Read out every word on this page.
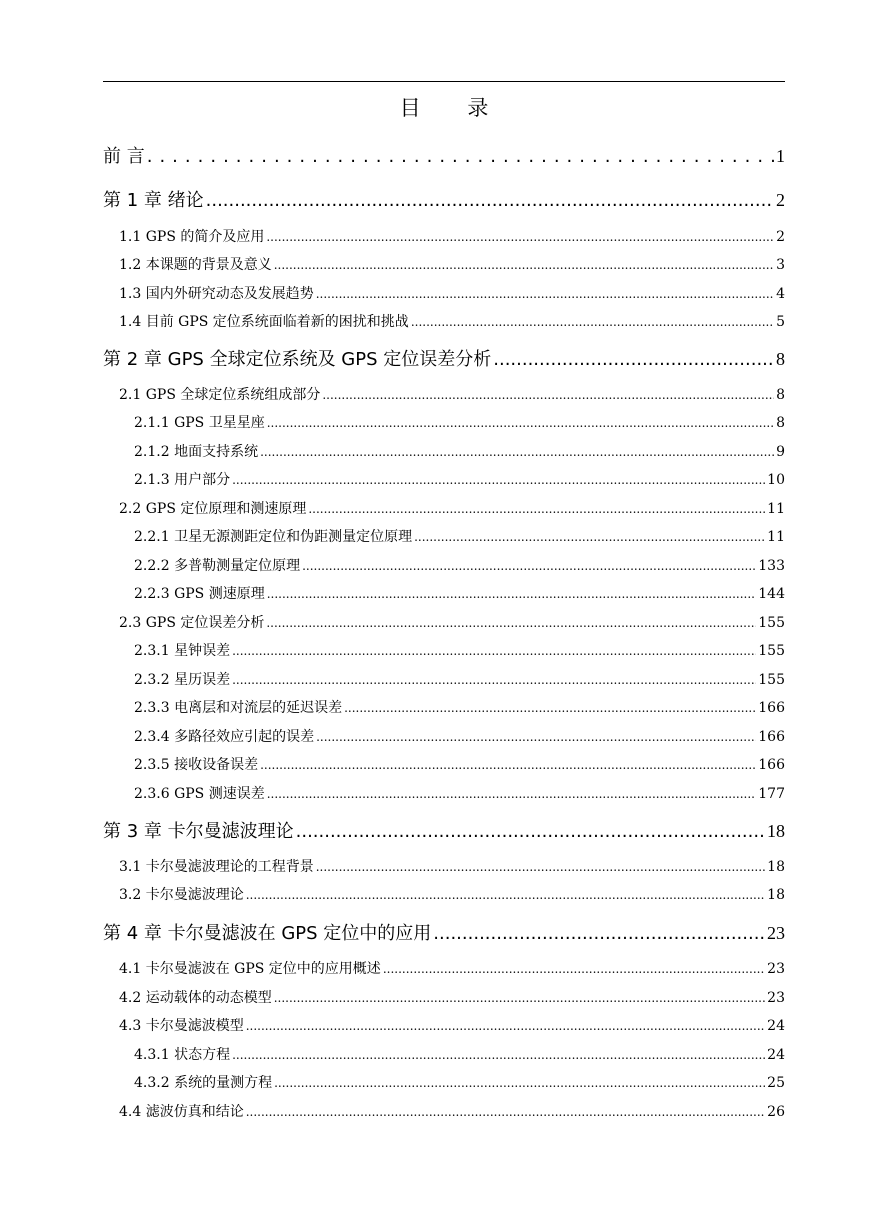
目 录
前 言 .....	1
第 1 章 绪论 .....	2
1.1 GPS 的简介及应用 .....	2
1.2 本课题的背景及意义 .....	3
1.3 国内外研究动态及发展趋势 .....	4
1.4 目前 GPS 定位系统面临着新的困扰和挑战 .....	5
第 2 章 GPS 全球定位系统及 GPS 定位误差分析 .....	8
2.1 GPS 全球定位系统组成部分 .....	8
2.1.1 GPS 卫星星座 .....	8
2.1.2 地面支持系统 .....	9
2.1.3 用户部分 .....	10
2.2 GPS 定位原理和测速原理 .....	11
2.2.1 卫星无源测距定位和伪距测量定位原理 .....	11
2.2.2 多普勒测量定位原理 .....	133
2.2.3 GPS 测速原理 .....	144
2.3 GPS 定位误差分析 .....	155
2.3.1 星钟误差 .....	155
2.3.2 星历误差 .....	155
2.3.3 电离层和对流层的延迟误差 .....	166
2.3.4 多路径效应引起的误差 .....	166
2.3.5 接收设备误差 .....	166
2.3.6 GPS 测速误差 .....	177
第 3 章 卡尔曼滤波理论 .....	18
3.1 卡尔曼滤波理论的工程背景 .....	18
3.2 卡尔曼滤波理论 .....	18
第 4 章 卡尔曼滤波在 GPS 定位中的应用 .....	23
4.1 卡尔曼滤波在 GPS 定位中的应用概述 .....	23
4.2 运动载体的动态模型 .....	23
4.3 卡尔曼滤波模型 .....	24
4.3.1 状态方程 .....	24
4.3.2 系统的量测方程 .....	25
4.4 滤波仿真和结论 .....	26
